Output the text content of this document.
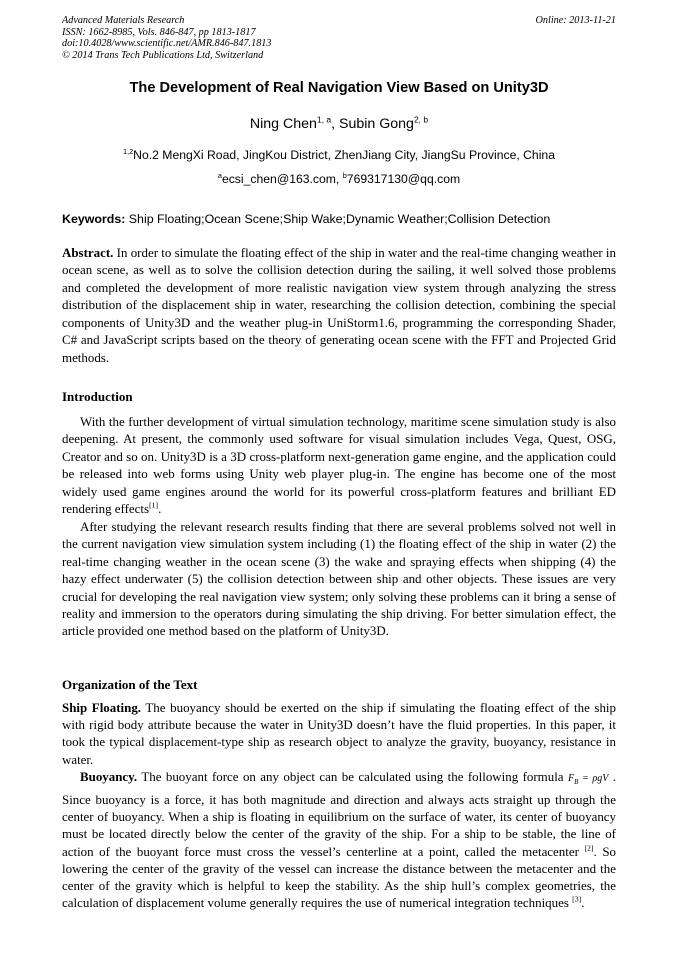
Advanced Materials Research
ISSN: 1662-8985, Vols. 846-847, pp 1813-1817
doi:10.4028/www.scientific.net/AMR.846-847.1813
© 2014 Trans Tech Publications Ltd, Switzerland
Online: 2013-11-21
The Development of Real Navigation View Based on Unity3D
Ning Chen$^{1, a}$, Subin Gong$^{2, b}$
$^{1,2}$No.2 MengXi Road, JingKou District, ZhenJiang City, JiangSu Province, China
$^a$ecsi_chen@163.com, $^b$769317130@qq.com
Keywords: Ship Floating;Ocean Scene;Ship Wake;Dynamic Weather;Collision Detection

Abstract. In order to simulate the floating effect of the ship in water and the real-time changing weather in ocean scene, as well as to solve the collision detection during the sailing, it well solved those problems and completed the development of more realistic navigation view system through analyzing the stress distribution of the displacement ship in water, researching the collision detection, combining the special components of Unity3D and the weather plug-in UniStorm1.6, programming the corresponding Shader, C# and JavaScript scripts based on the theory of generating ocean scene with the FFT and Projected Grid methods.

Introduction

With the further development of virtual simulation technology, maritime scene simulation study is also deepening. At present, the commonly used software for visual simulation includes Vega, Quest, OSG, Creator and so on. Unity3D is a 3D cross-platform next-generation game engine, and the application could be released into web forms using Unity web player plug-in. The engine has become one of the most widely used game engines around the world for its powerful cross-platform features and brilliant ED rendering effects[1].

After studying the relevant research results finding that there are several problems solved not well in the current navigation view simulation system including (1) the floating effect of the ship in water (2) the real-time changing weather in the ocean scene (3) the wake and spraying effects when shipping (4) the hazy effect underwater (5) the collision detection between ship and other objects. These issues are very crucial for developing the real navigation view system; only solving these problems can it bring a sense of reality and immersion to the operators during simulating the ship driving. For better simulation effect, the article provided one method based on the platform of Unity3D.

Organization of the Text

Ship Floating. The buoyancy should be exerted on the ship if simulating the floating effect of the ship with rigid body attribute because the water in Unity3D doesn’t have the fluid properties. In this paper, it took the typical displacement-type ship as research object to analyze the gravity, buoyancy, resistance in water.

Buoyancy. The buoyant force on any object can be calculated using the following formula $F_B = \rho gV$ . Since buoyancy is a force, it has both magnitude and direction and always acts straight up through the center of buoyancy. When a ship is floating in equilibrium on the surface of water, its center of buoyancy must be located directly below the center of the gravity of the ship. For a ship to be stable, the line of action of the buoyant force must cross the vessel’s centerline at a point, called the metacenter [2]. So lowering the center of the gravity of the vessel can increase the distance between the metacenter and the center of the gravity which is helpful to keep the stability. As the ship hull’s complex geometries, the calculation of displacement volume generally requires the use of numerical integration techniques [3].
